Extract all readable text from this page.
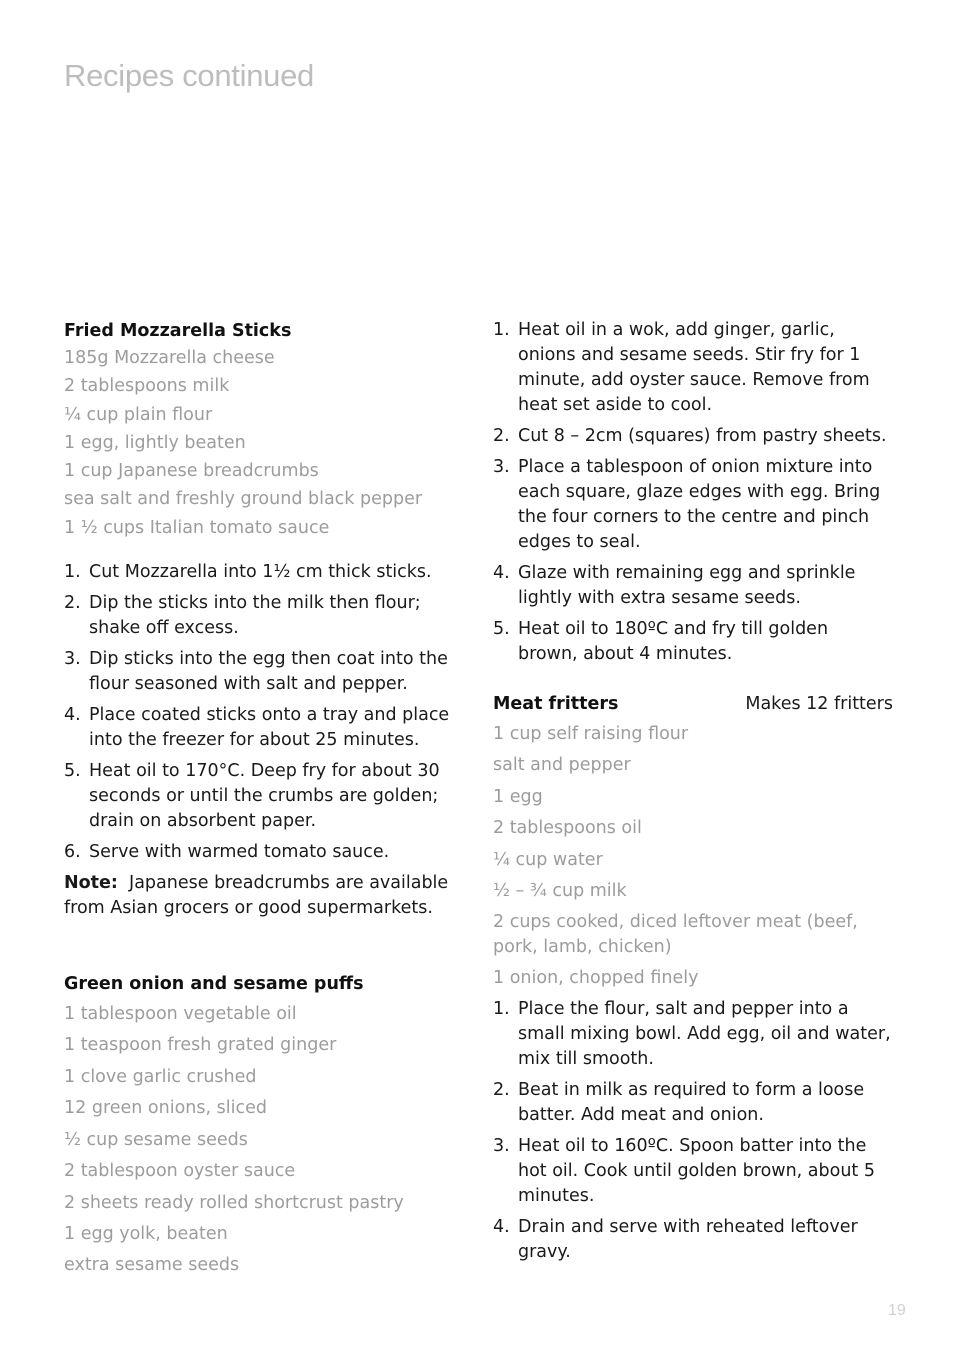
Recipes continued
Fried Mozzarella Sticks
185g Mozzarella cheese
2 tablespoons milk
¼ cup plain flour
1 egg, lightly beaten
1 cup Japanese breadcrumbs
sea salt and freshly ground black pepper
1 ½ cups Italian tomato sauce
1. Cut Mozzarella into 1½ cm thick sticks.
2. Dip the sticks into the milk then flour; shake off excess.
3. Dip sticks into the egg then coat into the flour seasoned with salt and pepper.
4. Place coated sticks onto a tray and place into the freezer for about 25 minutes.
5. Heat oil to 170°C. Deep fry for about 30 seconds or until the crumbs are golden; drain on absorbent paper.
6. Serve with warmed tomato sauce.
Note: Japanese breadcrumbs are available from Asian grocers or good supermarkets.
Green onion and sesame puffs
1 tablespoon vegetable oil
1 teaspoon fresh grated ginger
1 clove garlic crushed
12 green onions, sliced
½ cup sesame seeds
2 tablespoon oyster sauce
2 sheets ready rolled shortcrust pastry
1 egg yolk, beaten
extra sesame seeds
1. Heat oil in a wok, add ginger, garlic, onions and sesame seeds. Stir fry for 1 minute, add oyster sauce. Remove from heat set aside to cool.
2. Cut 8 – 2cm (squares) from pastry sheets.
3. Place a tablespoon of onion mixture into each square, glaze edges with egg. Bring the four corners to the centre and pinch edges to seal.
4. Glaze with remaining egg and sprinkle lightly with extra sesame seeds.
5. Heat oil to 180ºC and fry till golden brown, about 4 minutes.
Meat fritters	Makes 12 fritters
1 cup self raising flour
salt and pepper
1 egg
2 tablespoons oil
¼ cup water
½ – ¾ cup milk
2 cups cooked, diced leftover meat (beef, pork, lamb, chicken)
1 onion, chopped finely
1. Place the flour, salt and pepper into a small mixing bowl. Add egg, oil and water, mix till smooth.
2. Beat in milk as required to form a loose batter. Add meat and onion.
3. Heat oil to 160ºC. Spoon batter into the hot oil. Cook until golden brown, about 5 minutes.
4. Drain and serve with reheated leftover gravy.
19
